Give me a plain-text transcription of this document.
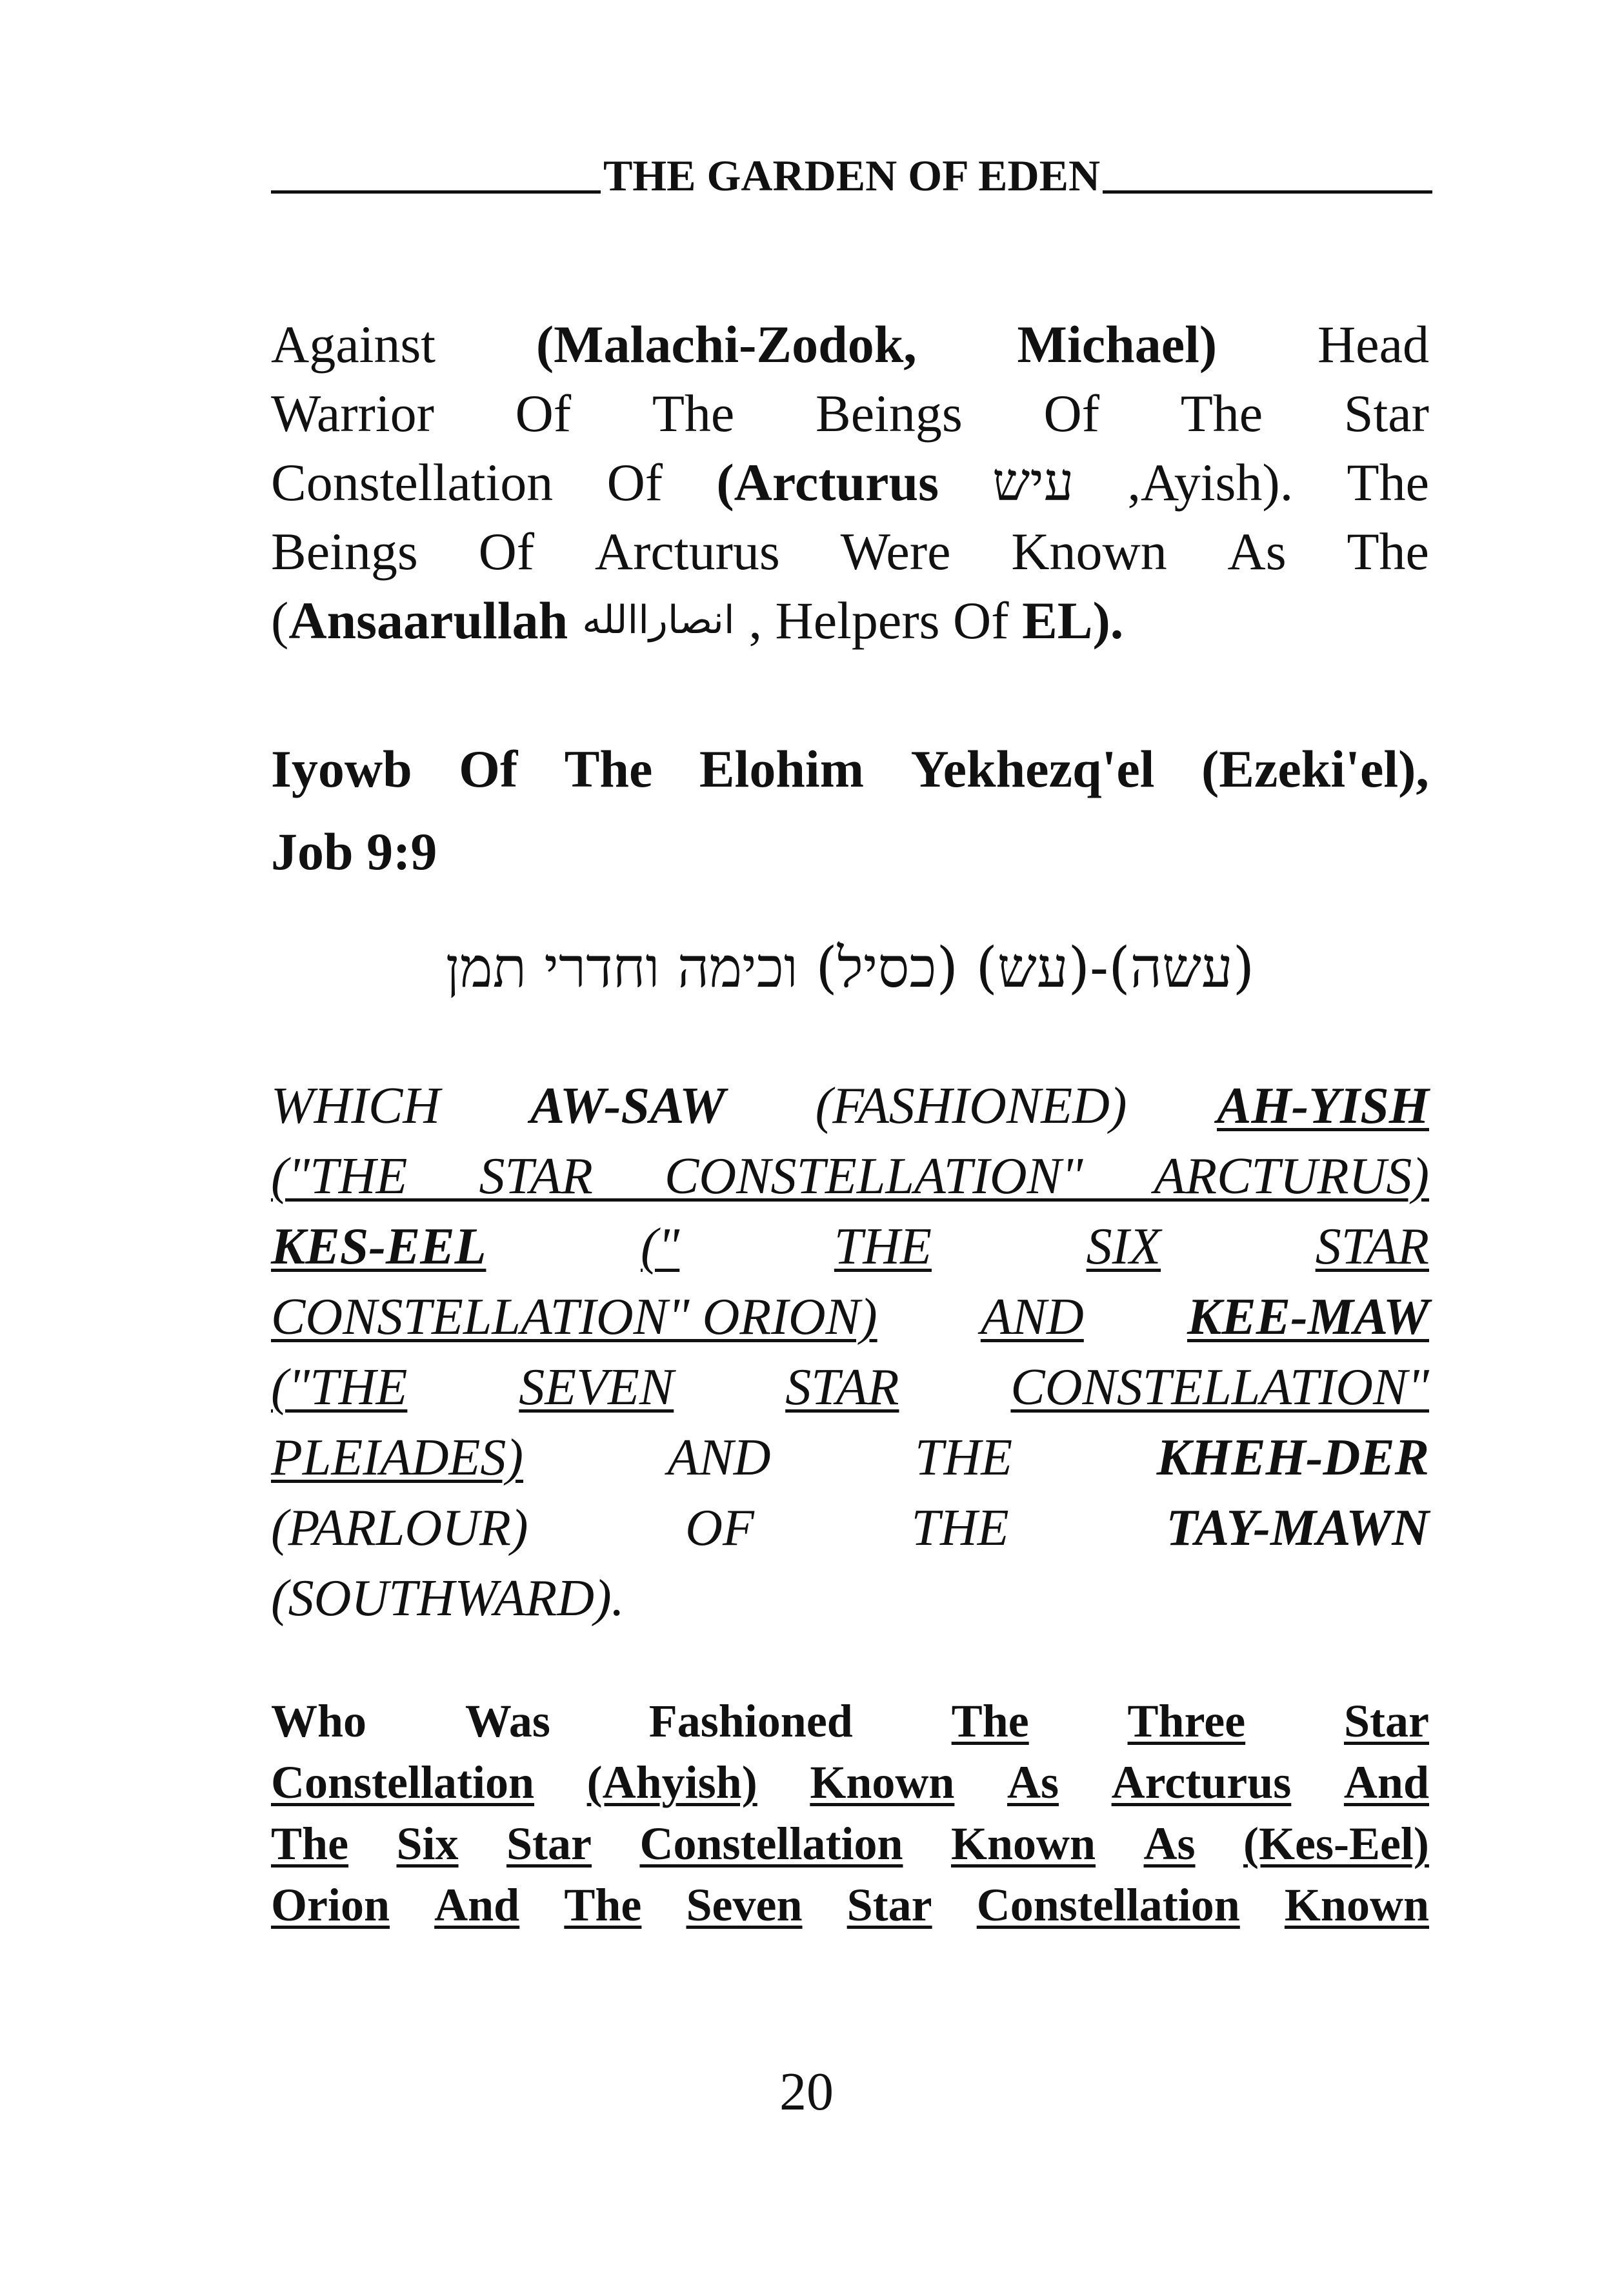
THE GARDEN OF EDEN
Against (Malachi-Zodok, Michael) Head
Warrior Of The Beings Of The Star
Constellation Of (Arcturus עיש ,Ayish). The
Beings Of Arcturus Were Known As The
(Ansaarullah انصاراالله , Helpers Of EL).
Iyowb Of The Elohim Yekhezq'el (Ezeki'el),
Job 9:9
(עשה)-(עש) (כסיל) וכימה וחדרי תמן
WHICH AW-SAW (FASHIONED) AH-YISH
("THE STAR CONSTELLATION" ARCTURUS)
KES-EEL	("	THE	SIX	STAR
CONSTELLATION" ORION) AND KEE-MAW
("THE SEVEN STAR CONSTELLATION"
PLEIADES)	AND	THE	KHEH-DER
(PARLOUR)	OF	THE	TAY-MAWN
(SOUTHWARD).
Who Was Fashioned The Three Star
Constellation (Ahyish) Known As Arcturus And
The Six Star Constellation Known As (Kes-Eel)
Orion And The Seven Star Constellation Known
20
